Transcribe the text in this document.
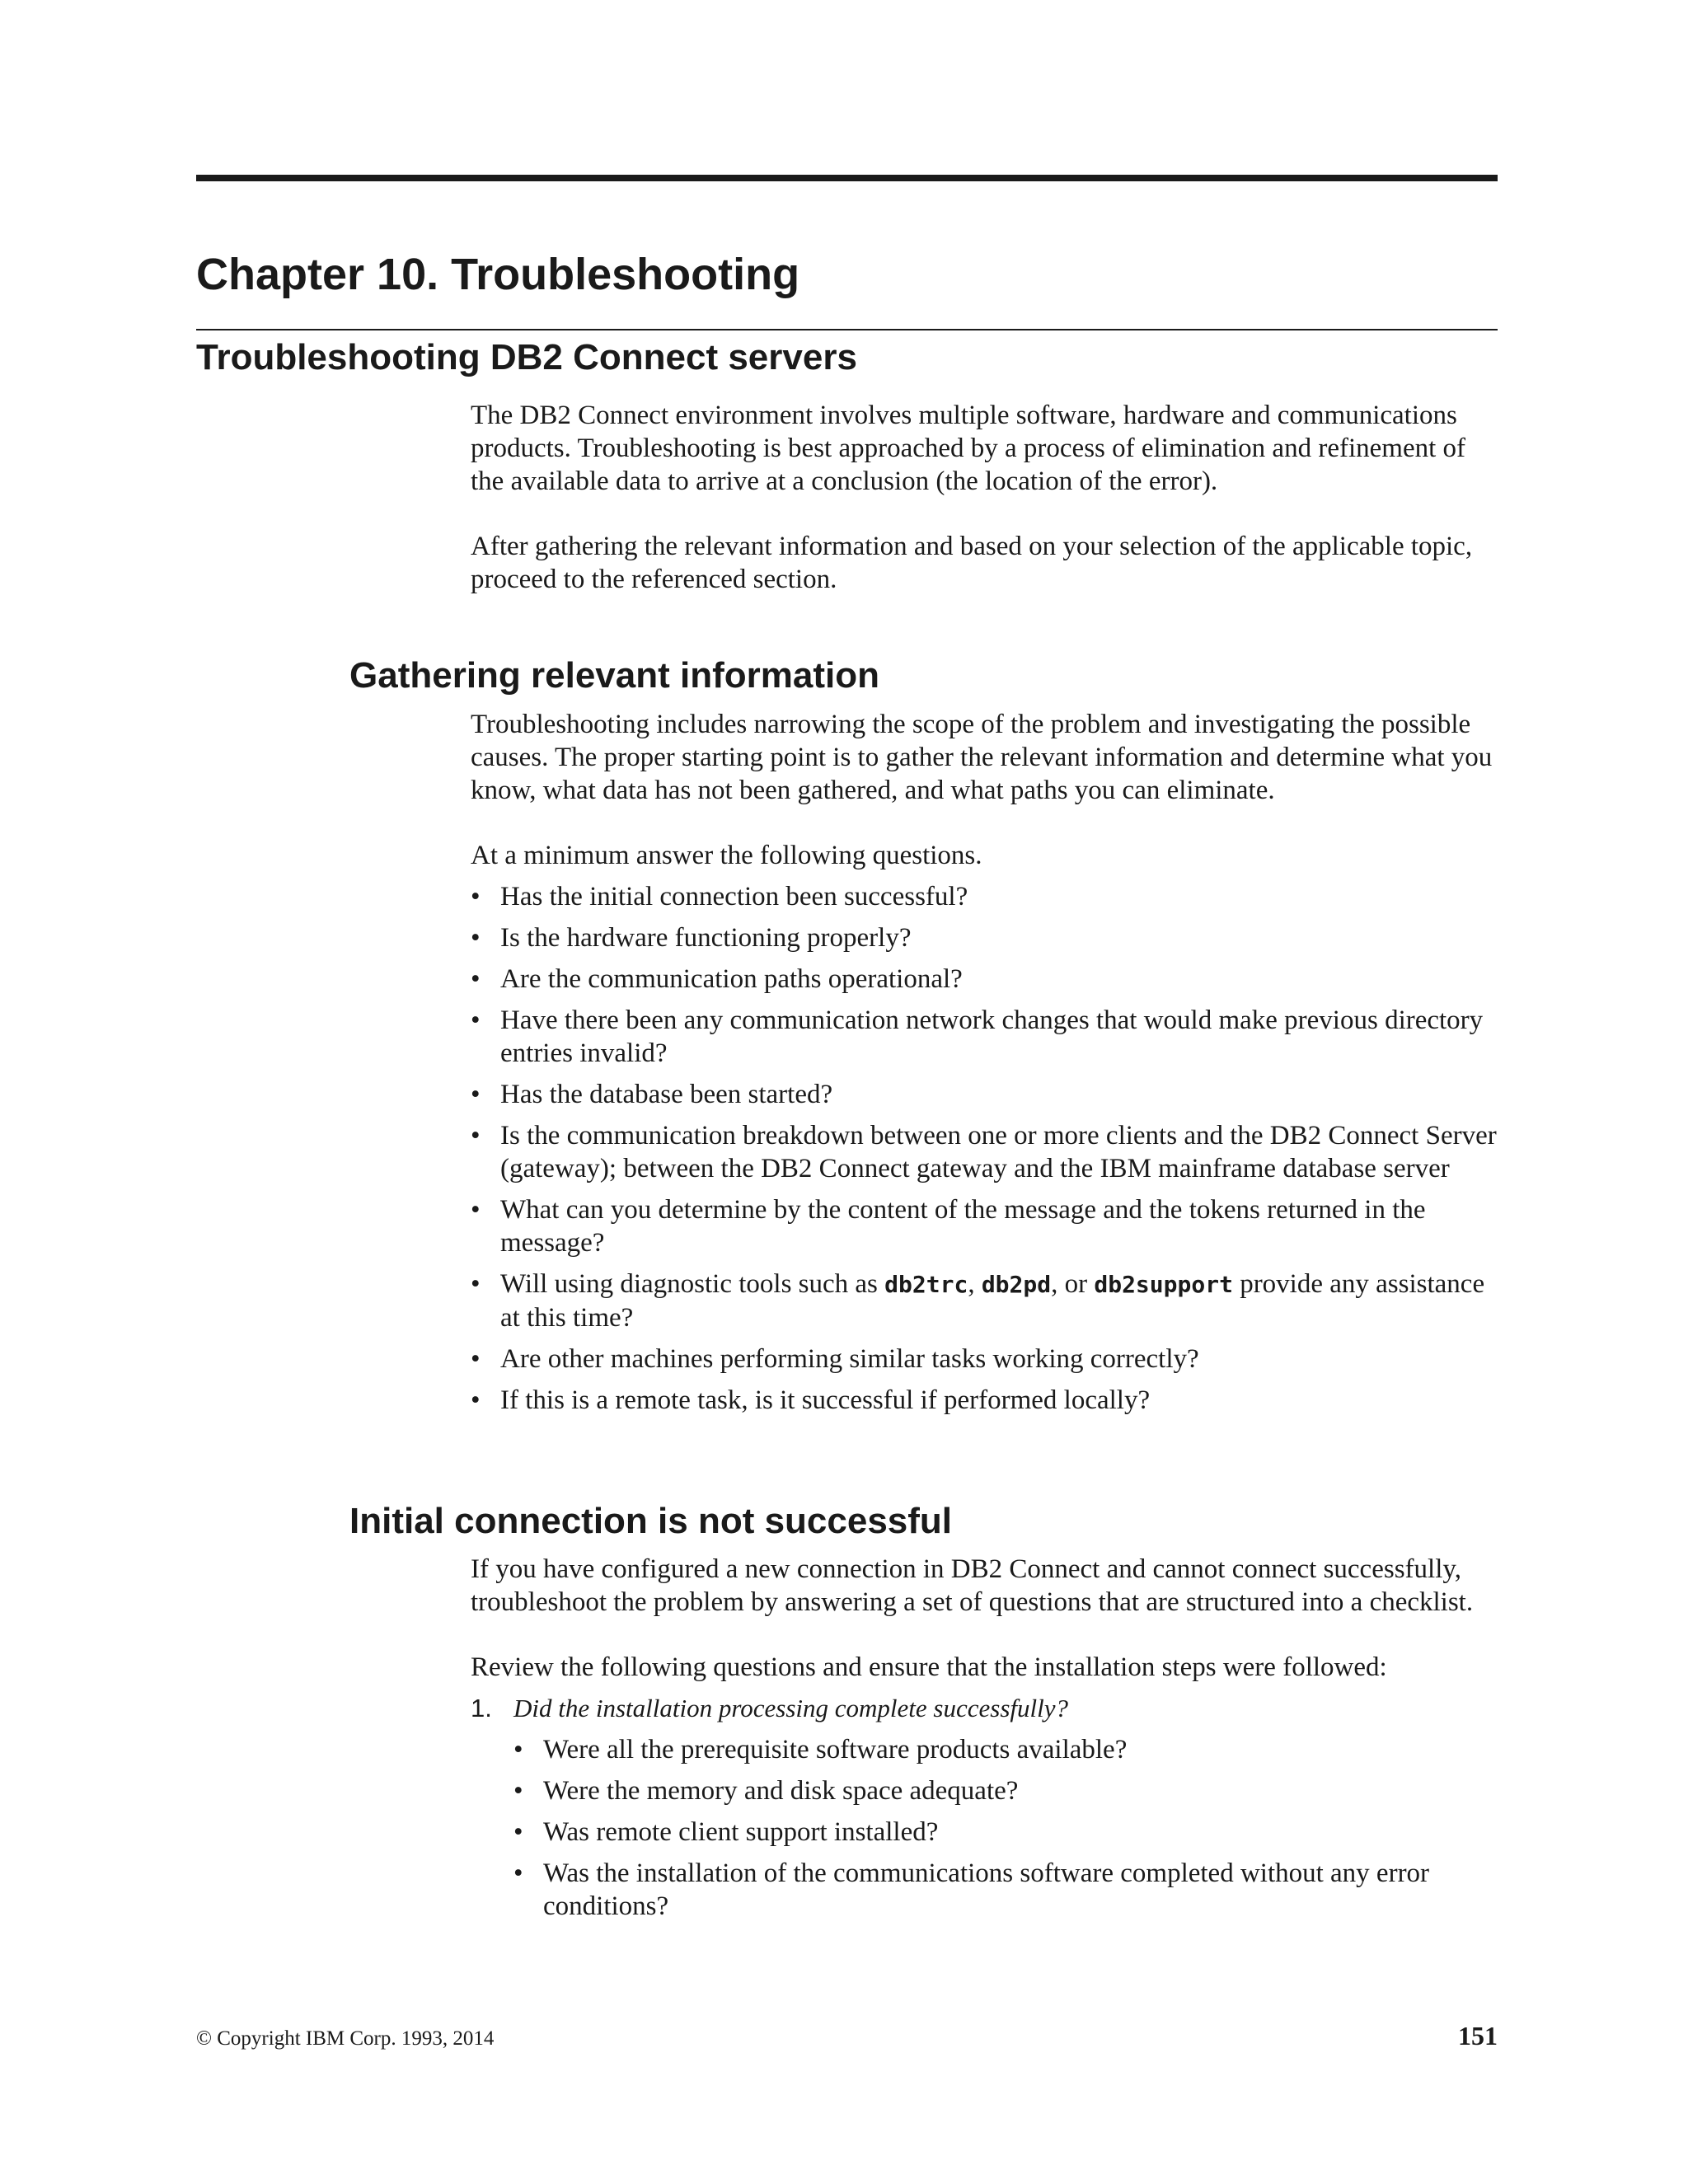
Chapter 10. Troubleshooting
Troubleshooting DB2 Connect servers

The DB2 Connect environment involves multiple software, hardware and communications products. Troubleshooting is best approached by a process of elimination and refinement of the available data to arrive at a conclusion (the location of the error).

After gathering the relevant information and based on your selection of the applicable topic, proceed to the referenced section.

Gathering relevant information

Troubleshooting includes narrowing the scope of the problem and investigating the possible causes. The proper starting point is to gather the relevant information and determine what you know, what data has not been gathered, and what paths you can eliminate.

At a minimum answer the following questions.

• Has the initial connection been successful?
• Is the hardware functioning properly?
• Are the communication paths operational?
• Have there been any communication network changes that would make previous directory entries invalid?
• Has the database been started?
• Is the communication breakdown between one or more clients and the DB2 Connect Server (gateway); between the DB2 Connect gateway and the IBM mainframe database server
• What can you determine by the content of the message and the tokens returned in the message?
• Will using diagnostic tools such as db2trc, db2pd, or db2support provide any assistance at this time?
• Are other machines performing similar tasks working correctly?
• If this is a remote task, is it successful if performed locally?
Initial connection is not successful

If you have configured a new connection in DB2 Connect and cannot connect successfully, troubleshoot the problem by answering a set of questions that are structured into a checklist.

Review the following questions and ensure that the installation steps were followed:

1. Did the installation processing complete successfully?
• Were all the prerequisite software products available?
• Were the memory and disk space adequate?
• Was remote client support installed?
• Was the installation of the communications software completed without any error conditions?
© Copyright IBM Corp. 1993, 2014	151
